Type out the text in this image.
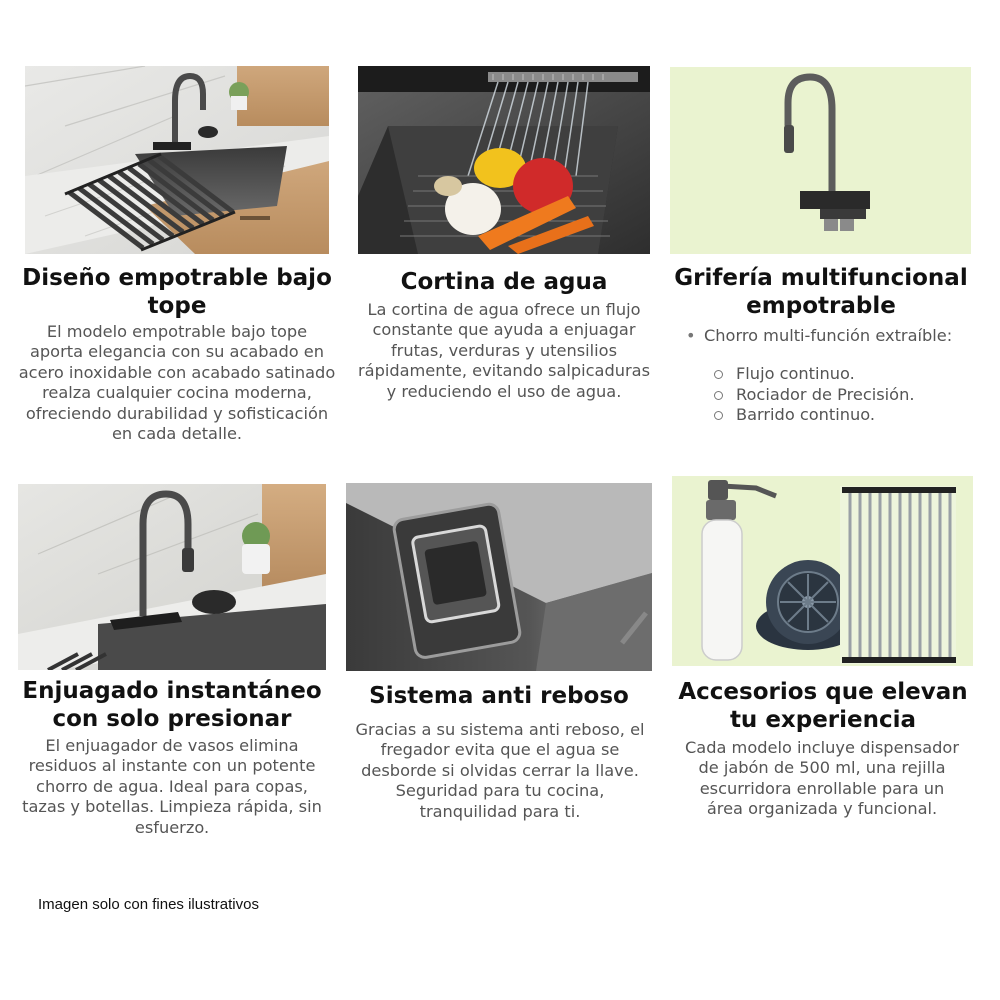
Diseño empotrable bajo tope

El modelo empotrable bajo tope aporta elegancia con su acabado en acero inoxidable con acabado satinado realza cualquier cocina moderna, ofreciendo durabilidad y sofisticación en cada detalle.

Cortina de agua

La cortina de agua ofrece un flujo constante que ayuda a enjuagar frutas, verduras y utensilios rápidamente, evitando salpicaduras y reduciendo el uso de agua.

Grifería multifuncional empotrable
• Chorro multi-función extraíble:
Flujo continuo.
Rociador de Precisión.
Barrido continuo.
Enjuagado instantáneo con solo presionar

El enjuagador de vasos elimina residuos al instante con un potente chorro de agua. Ideal para copas, tazas y botellas. Limpieza rápida, sin esfuerzo.

Sistema anti reboso

Gracias a su sistema anti reboso, el fregador evita que el agua se desborde si olvidas cerrar la llave. Seguridad para tu cocina, tranquilidad para ti.

Accesorios que elevan tu experiencia

Cada modelo incluye dispensador de jabón de 500 ml, una rejilla escurridora enrollable para un área organizada y funcional.

Imagen solo con fines ilustrativos
